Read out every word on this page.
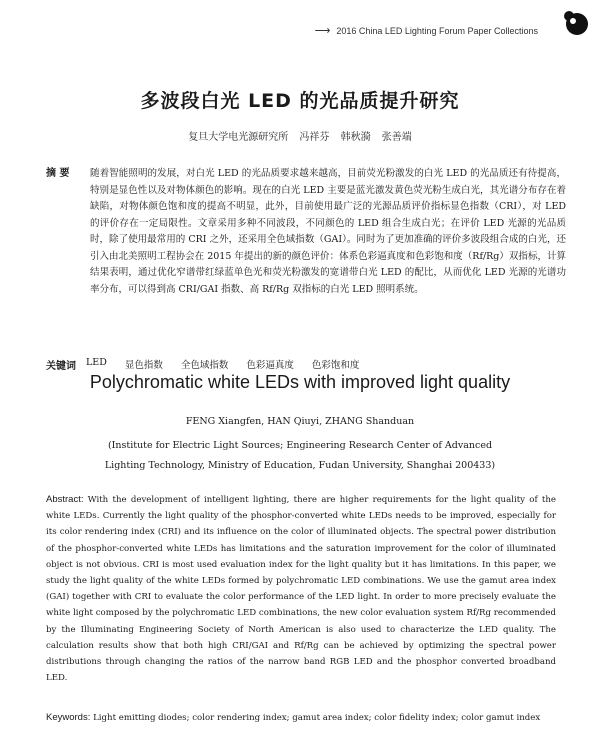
⟶ 2016 China LED Lighting Forum Paper Collections
多波段白光 LED 的光品质提升研究
复旦大学电光源研究所 冯祥芬 韩秋漪 张善端
摘 要 随着智能照明的发展，对白光 LED 的光品质要求越来越高，目前荧光粉激发的白光 LED 的光品质还有待提高，特别是显色性以及对物体颜色的影响。现在的白光 LED 主要是蓝光激发黄色荧光粉生成白光，其光谱分布存在着缺陷，对物体颜色饱和度的提高不明显，此外，目前使用最广泛的光源品质评价指标显色指数（CRI），对 LED 的评价存在一定局限性。文章采用多种不同波段，不同颜色的 LED 组合生成白光；在评价 LED 光源的光品质时，除了使用最常用的 CRI 之外，还采用全色域指数（GAI）。同时为了更加准确的评价多波段组合成的白光，还引入由北美照明工程协会在 2015 年提出的新的颜色评价：体系色彩逼真度和色彩饱和度（Rf/Rg）双指标，计算结果表明，通过优化窄谱带红绿蓝单色光和荧光粉激发的宽谱带白光 LED 的配比，从而优化 LED 光源的光谱功率分布，可以得到高 CRI/GAI 指数、高 Rf/Rg 双指标的白光 LED 照明系统。
关键词 LED 显色指数 全色域指数 色彩逼真度 色彩饱和度
Polychromatic white LEDs with improved light quality
FENG Xiangfen, HAN Qiuyi, ZHANG Shanduan
(Institute for Electric Light Sources; Engineering Research Center of Advanced Lighting Technology, Ministry of Education, Fudan University, Shanghai 200433)
Abstract: With the development of intelligent lighting, there are higher requirements for the light quality of the white LEDs. Currently the light quality of the phosphor-converted white LEDs needs to be improved, especially for its color rendering index (CRI) and its influence on the color of illuminated objects. The spectral power distribution of the phosphor-converted white LEDs has limitations and the saturation improvement for the color of illuminated object is not obvious. CRI is most used evaluation index for the light quality but it has limitations. In this paper, we study the light quality of the white LEDs formed by polychromatic LED combinations. We use the gamut area index (GAI) together with CRI to evaluate the color performance of the LED light. In order to more precisely evaluate the white light composed by the polychromatic LED combinations, the new color evaluation system Rf/Rg recommended by the Illuminating Engineering Society of North American is also used to characterize the LED quality. The calculation results show that both high CRI/GAI and Rf/Rg can be achieved by optimizing the spectral power distributions through changing the ratios of the narrow band RGB LED and the phosphor converted broadband LED.
Keywords: Light emitting diodes; color rendering index; gamut area index; color fidelity index; color gamut index
